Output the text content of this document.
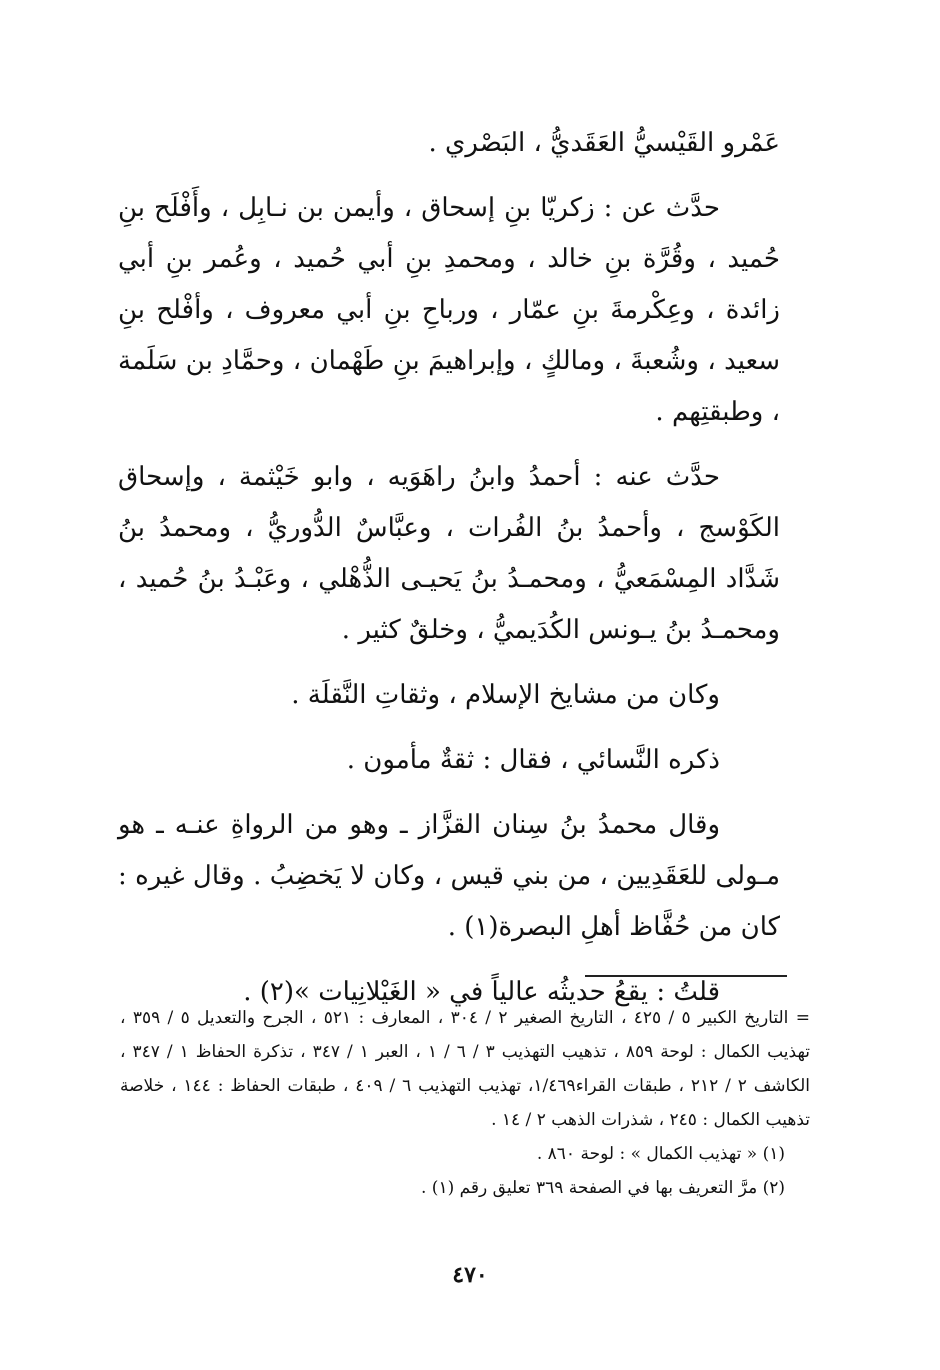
عَمْرو القَيْسيُّ العَقَديُّ ، البَصْري .

حدَّث عن : زكريّا بنِ إسحاق ، وأيمن بن نـابِل ، وأَفْلَح بنِ حُميد ، وقُرَّة بنِ خالد ، ومحمدِ بنِ أبي حُميد ، وعُمر بنِ أبي زائدة ، وعِكْرمةَ بنِ عمّار ، ورباحِ بنِ أبي معروف ، وأفْلح بنِ سعيد ، وشُعبةَ ، ومالكٍ ، وإبراهيمَ بنِ طَهْمان ، وحمَّادِ بن سَلَمة ، وطبقتِهم .

حدَّث عنه : أحمدُ وابنُ راهَوَيه ، وابو خَيْثمة ، وإسحاق الكَوْسج ، وأحمدُ بنُ الفُرات ، وعبَّاسٌ الدُّوريُّ ، ومحمدُ بنُ شَدَّاد المِسْمَعيُّ ، ومحمـدُ بنُ يَحيـى الذُّهْلي ، وعَبْـدُ بنُ حُميد ، ومحمـدُ بنُ يـونس الكُدَيميُّ ، وخلقٌ كثير .

وكان من مشايخ الإسلام ، وثقاتِ النَّقلَة .

ذكره النَّسائي ، فقال : ثقةٌ مأمون .

وقال محمدُ بنُ سِنان القزَّاز ـ وهو من الرواةِ عنـه ـ هو مـولى للعَقَدِيين ، من بني قيس ، وكان لا يَخضِبُ . وقال غيره : كان من حُفَّاظ أهلِ البصرة(١) .

قلتُ : يقعُ حديثُه عالياً في « الغَيْلانِيات »(٢) .

= التاريخ الكبير ٥ / ٤٢٥ ، التاريخ الصغير ٢ / ٣٠٤ ، المعارف : ٥٢١ ، الجرح والتعديل ٥ / ٣٥٩ ، تهذيب الكمال : لوحة ٨٥٩ ، تذهيب التهذيب ٣ / ٦ / ١ ، العبر ١ / ٣٤٧ ، تذكرة الحفاظ ١ / ٣٤٧ ، الكاشف ٢ / ٢١٢ ، طبقات القراء١/٤٦٩، تهذيب التهذيب ٦ / ٤٠٩ ، طبقات الحفاظ : ١٤٤ ، خلاصة تذهيب الكمال : ٢٤٥ ، شذرات الذهب ٢ / ١٤ .

(١) « تهذيب الكمال » : لوحة ٨٦٠ .

(٢) مرَّ التعريف بها في الصفحة ٣٦٩ تعليق رقم (١) .

٤٧٠
